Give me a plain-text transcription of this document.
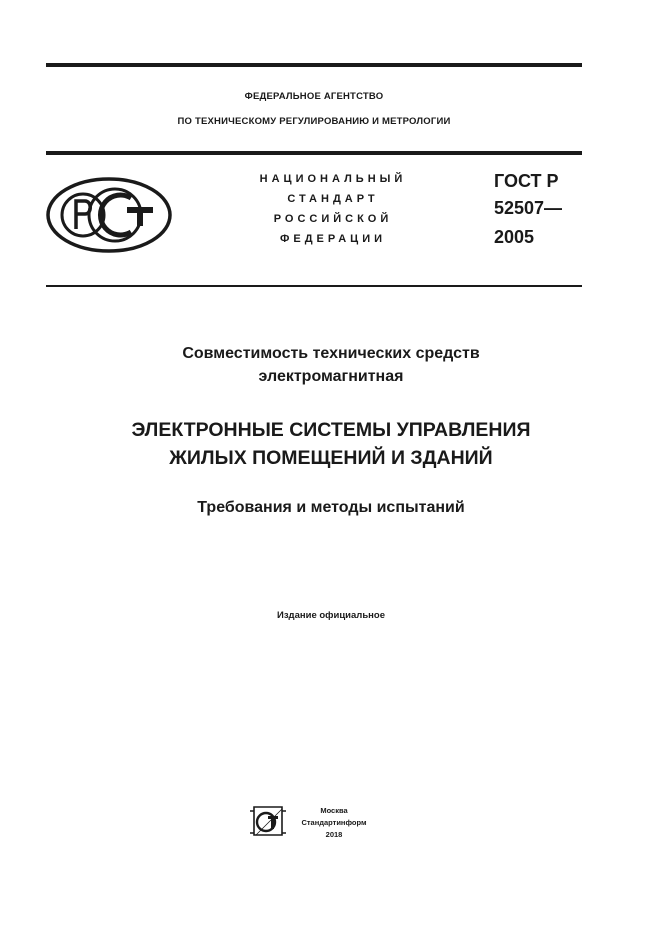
ФЕДЕРАЛЬНОЕ АГЕНТСТВО
ПО ТЕХНИЧЕСКОМУ РЕГУЛИРОВАНИЮ И МЕТРОЛОГИИ
НАЦИОНАЛЬНЫЙ
СТАНДАРТ
РОССИЙСКОЙ
ФЕДЕРАЦИИ
ГОСТ Р
52507—
2005
Совместимость технических средств
электромагнитная
ЭЛЕКТРОННЫЕ СИСТЕМЫ УПРАВЛЕНИЯ
ЖИЛЫХ ПОМЕЩЕНИЙ И ЗДАНИЙ
Требования и методы испытаний
Издание официальное
Москва
Стандартинформ
2018
